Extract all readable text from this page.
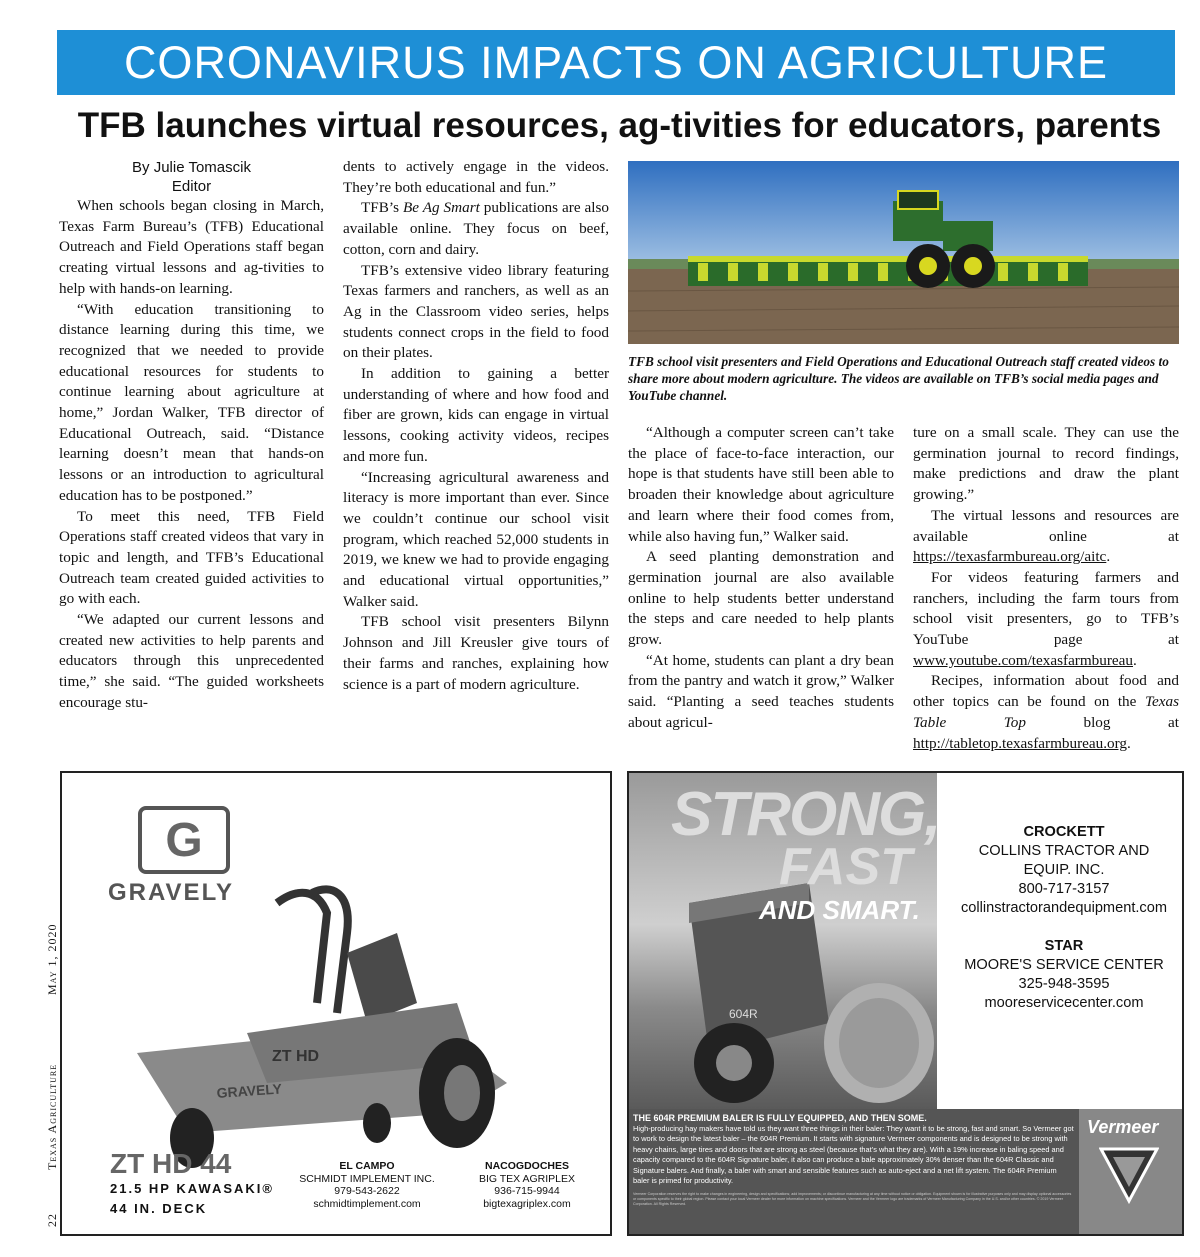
CORONAVIRUS IMPACTS ON AGRICULTURE
TFB launches virtual resources, ag-tivities for educators, parents
By Julie Tomascik
Editor

When schools began closing in March, Texas Farm Bureau’s (TFB) Educational Outreach and Field Operations staff began creating virtual lessons and ag-tivities to help with hands-on learning.

“With education transitioning to distance learning during this time, we recognized that we needed to provide educational resources for students to continue learning about agriculture at home,” Jordan Walker, TFB director of Educational Outreach, said. “Distance learning doesn’t mean that hands-on lessons or an introduction to agricultural education has to be postponed.”

To meet this need, TFB Field Operations staff created videos that vary in topic and length, and TFB’s Educational Outreach team created guided activities to go with each.

“We adapted our current lessons and created new activities to help parents and educators through this unprecedented time,” she said. “The guided worksheets encourage stu-

dents to actively engage in the videos. They’re both educational and fun.”

TFB’s Be Ag Smart publications are also available online. They focus on beef, cotton, corn and dairy.

TFB’s extensive video library featuring Texas farmers and ranchers, as well as an Ag in the Classroom video series, helps students connect crops in the field to food on their plates.

In addition to gaining a better understanding of where and how food and fiber are grown, kids can engage in virtual lessons, cooking activity videos, recipes and more fun.

“Increasing agricultural awareness and literacy is more important than ever. Since we couldn’t continue our school visit program, which reached 52,000 students in 2019, we knew we had to provide engaging and educational virtual opportunities,” Walker said.

TFB school visit presenters Bilynn Johnson and Jill Kreusler give tours of their farms and ranches, explaining how science is a part of modern agriculture.

TFB school visit presenters and Field Operations and Educational Outreach staff created videos to share more about modern agriculture. The videos are available on TFB’s social media pages and YouTube channel.

“Although a computer screen can’t take the place of face-to-face interaction, our hope is that students have still been able to broaden their knowledge about agriculture and learn where their food comes from, while also having fun,” Walker said.

A seed planting demonstration and germination journal are also available online to help students better understand the steps and care needed to help plants grow.

“At home, students can plant a dry bean from the pantry and watch it grow,” Walker said. “Planting a seed teaches students about agricul-

ture on a small scale. They can use the germination journal to record findings, make predictions and draw the plant growing.”

The virtual lessons and resources are available online at https://texasfarmbureau.org/aitc.

For videos featuring farmers and ranchers, including the farm tours from school visit presenters, go to TFB’s YouTube page at www.youtube.com/texasfarmbureau.

Recipes, information about food and other topics can be found on the Texas Table Top blog at http://tabletop.texasfarmbureau.org.

22
Texas Agriculture
May 1, 2020
G
GRAVELY
ZT HD
GRAVELY
ZT HD 44
21.5 HP KAWASAKI®
44 IN. DECK
EL CAMPO
SCHMIDT IMPLEMENT INC.
979-543-2622
schmidtimplement.com
NACOGDOCHES
BIG TEX AGRIPLEX
936-715-9944
bigtexagriplex.com
604R
STRONG,
FAST
AND SMART.
CROCKETT
COLLINS TRACTOR AND
EQUIP. INC.
800-717-3157
collinstractorandequipment.com
STAR
MOORE'S SERVICE CENTER
325-948-3595
mooreservicecenter.com
THE 604R PREMIUM BALER IS FULLY EQUIPPED, AND THEN SOME.
High-producing hay makers have told us they want three things in their baler: They want it to be strong, fast and smart. So Vermeer got to work to design the latest baler – the 604R Premium. It starts with signature Vermeer components and is designed to be strong with heavy chains, large tires and doors that are strong as steel (because that’s what they are). With a 19% increase in baling speed and capacity compared to the 604R Signature baler, it also can produce a bale approximately 30% denser than the 604R Classic and Signature balers. And finally, a baler with smart and sensible features such as auto-eject and a net lift system. The 604R Premium baler is primed for productivity.
Vermeer Corporation reserves the right to make changes in engineering, design and specifications; add improvements; or discontinue manufacturing at any time without notice or obligation. Equipment shown is for illustrative purposes only and may display optional accessories or components specific to their global region. Please contact your local Vermeer dealer for more information on machine specifications. Vermeer and the Vermeer logo are trademarks of Vermeer Manufacturing Company in the U.S. and/or other countries. © 2019 Vermeer Corporation. All Rights Reserved.
Vermeer
